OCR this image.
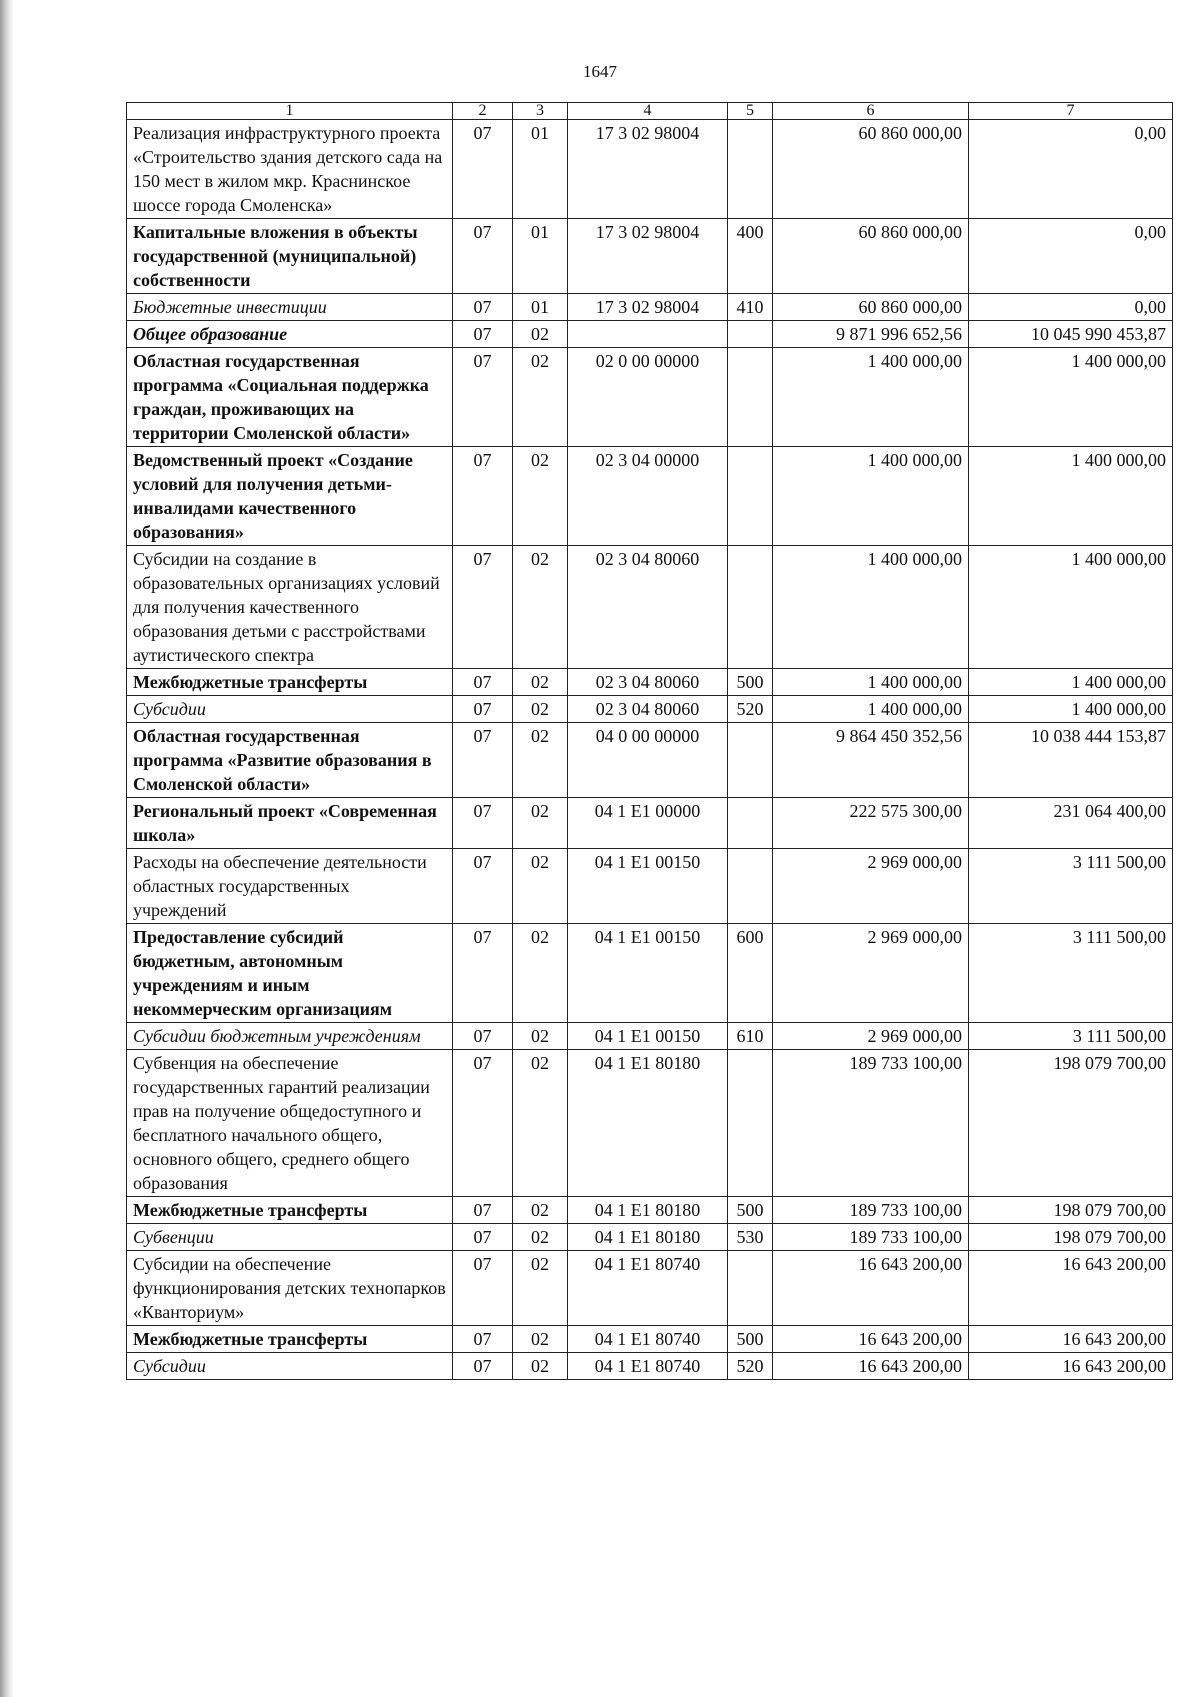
1647
1	2	3	4	5	6	7
Реализация инфраструктурного проекта «Строительство здания детского сада на 150 мест в жилом мкр. Краснинское шоссе города Смоленска»	07	01	17 3 02 98004		60 860 000,00	0,00
Капитальные вложения в объекты государственной (муниципальной) собственности	07	01	17 3 02 98004	400	60 860 000,00	0,00
Бюджетные инвестиции	07	01	17 3 02 98004	410	60 860 000,00	0,00
Общее образование	07	02			9 871 996 652,56	10 045 990 453,87
Областная государственная программа «Социальная поддержка граждан, проживающих на территории Смоленской области»	07	02	02 0 00 00000		1 400 000,00	1 400 000,00
Ведомственный проект «Создание условий для получения детьми-инвалидами качественного образования»	07	02	02 3 04 00000		1 400 000,00	1 400 000,00
Субсидии на создание в образовательных организациях условий для получения качественного образования детьми с расстройствами аутистического спектра	07	02	02 3 04 80060		1 400 000,00	1 400 000,00
Межбюджетные трансферты	07	02	02 3 04 80060	500	1 400 000,00	1 400 000,00
Субсидии	07	02	02 3 04 80060	520	1 400 000,00	1 400 000,00
Областная государственная программа «Развитие образования в Смоленской области»	07	02	04 0 00 00000		9 864 450 352,56	10 038 444 153,87
Региональный проект «Современная школа»	07	02	04 1 E1 00000		222 575 300,00	231 064 400,00
Расходы на обеспечение деятельности областных государственных учреждений	07	02	04 1 E1 00150		2 969 000,00	3 111 500,00
Предоставление субсидий бюджетным, автономным учреждениям и иным некоммерческим организациям	07	02	04 1 E1 00150	600	2 969 000,00	3 111 500,00
Субсидии бюджетным учреждениям	07	02	04 1 E1 00150	610	2 969 000,00	3 111 500,00
Субвенция на обеспечение государственных гарантий реализации прав на получение общедоступного и бесплатного начального общего, основного общего, среднего общего образования	07	02	04 1 E1 80180		189 733 100,00	198 079 700,00
Межбюджетные трансферты	07	02	04 1 E1 80180	500	189 733 100,00	198 079 700,00
Субвенции	07	02	04 1 E1 80180	530	189 733 100,00	198 079 700,00
Субсидии на обеспечение функционирования детских технопарков «Кванториум»	07	02	04 1 E1 80740		16 643 200,00	16 643 200,00
Межбюджетные трансферты	07	02	04 1 E1 80740	500	16 643 200,00	16 643 200,00
Субсидии	07	02	04 1 E1 80740	520	16 643 200,00	16 643 200,00
